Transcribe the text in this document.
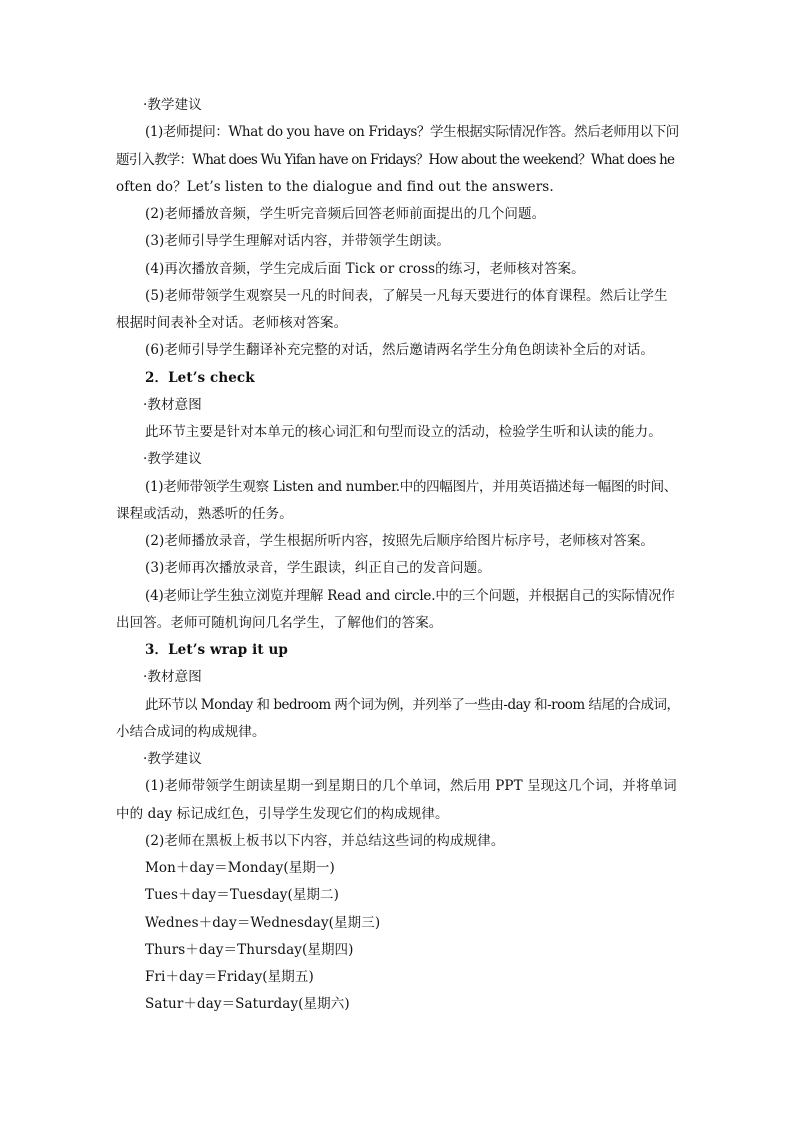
·教学建议
(1)老师提问：What do you have on Fridays？学生根据实际情况作答。然后老师用以下问
题引入教学：What does Wu Yifan have on Fridays？How about the weekend？What does he
often do？Let’s listen to the dialogue and find out the answers.
(2)老师播放音频，学生听完音频后回答老师前面提出的几个问题。
(3)老师引导学生理解对话内容，并带领学生朗读。
(4)再次播放音频，学生完成后面 Tick or cross的练习，老师核对答案。
(5)老师带领学生观察吴一凡的时间表，了解吴一凡每天要进行的体育课程。然后让学生
根据时间表补全对话。老师核对答案。
(6)老师引导学生翻译补充完整的对话，然后邀请两名学生分角色朗读补全后的对话。
2．Let’s check
·教材意图
此环节主要是针对本单元的核心词汇和句型而设立的活动，检验学生听和认读的能力。
·教学建议
(1)老师带领学生观察 Listen and number.中的四幅图片，并用英语描述每一幅图的时间、
课程或活动，熟悉听的任务。
(2)老师播放录音，学生根据所听内容，按照先后顺序给图片标序号，老师核对答案。
(3)老师再次播放录音，学生跟读，纠正自己的发音问题。
(4)老师让学生独立浏览并理解 Read and circle.中的三个问题，并根据自己的实际情况作
出回答。老师可随机询问几名学生，了解他们的答案。
3．Let’s wrap it up
·教材意图
此环节以 Monday 和 bedroom 两个词为例，并列举了一些由-day 和-room 结尾的合成词，
小结合成词的构成规律。
·教学建议
(1)老师带领学生朗读星期一到星期日的几个单词，然后用 PPT 呈现这几个词，并将单词
中的 day 标记成红色，引导学生发现它们的构成规律。
(2)老师在黑板上板书以下内容，并总结这些词的构成规律。
Mon＋day＝Monday(星期一)
Tues＋day＝Tuesday(星期二)
Wednes＋day＝Wednesday(星期三)
Thurs＋day＝Thursday(星期四)
Fri＋day＝Friday(星期五)
Satur＋day＝Saturday(星期六)
